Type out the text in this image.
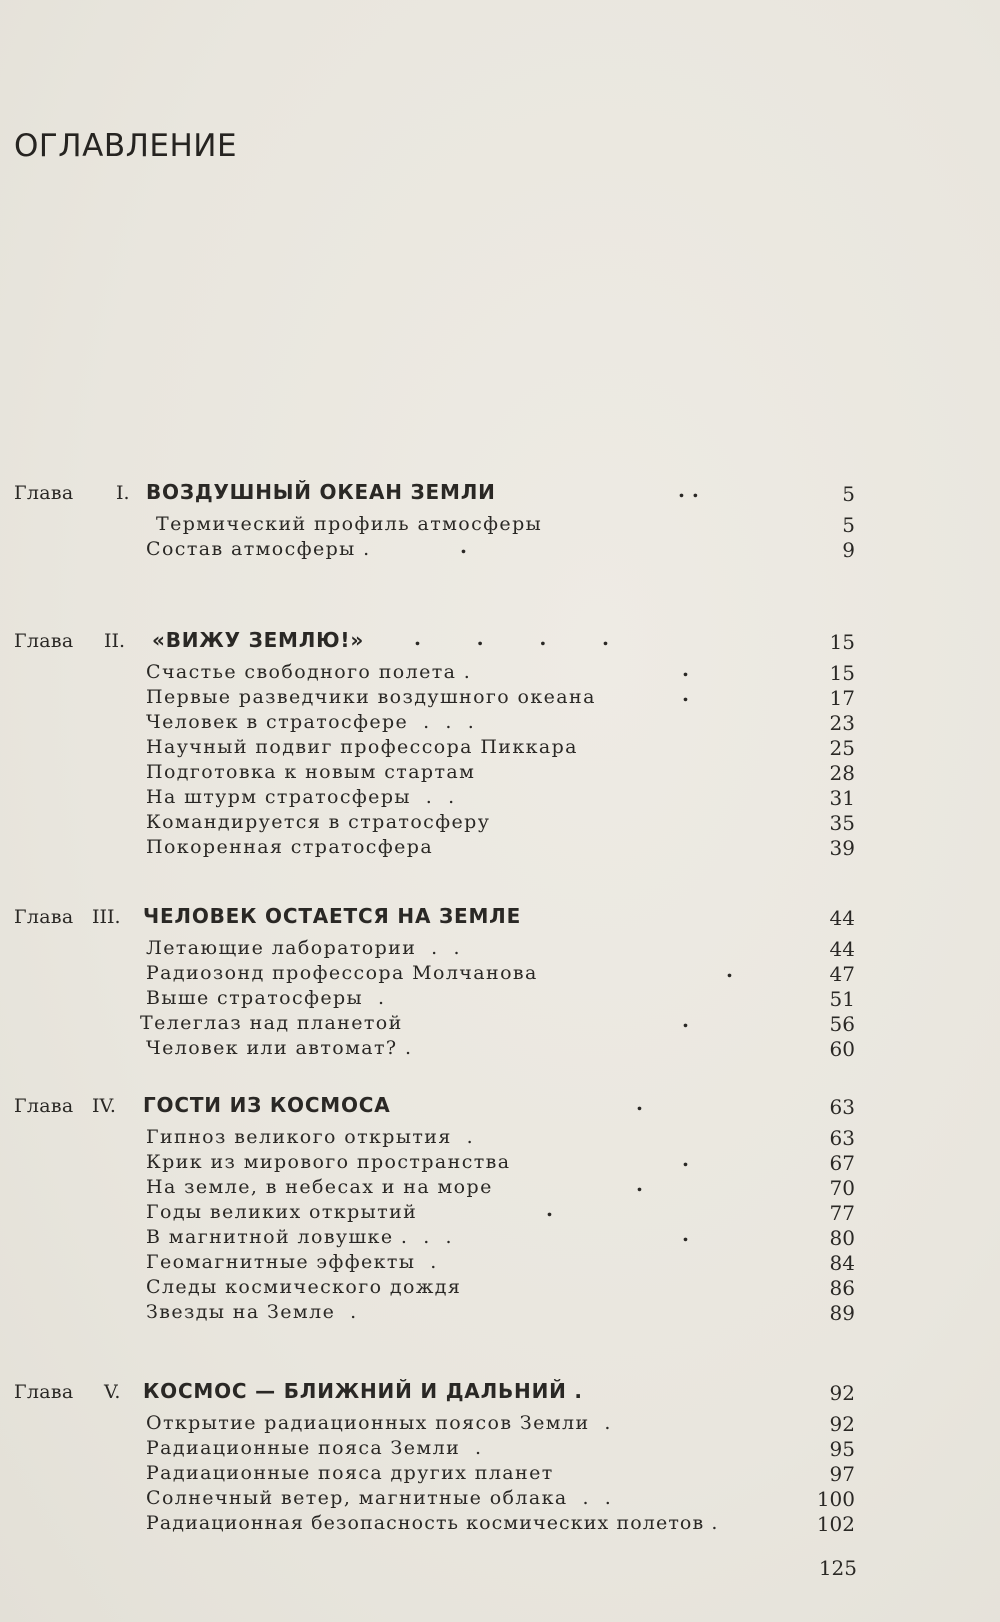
ОГЛАВЛЕНИЕ
Глава I. ВОЗДУШНЫЙ ОКЕАН ЗЕМЛИ	. .	5
Термический профиль атмосферы	5
Состав атмосферы .	.	9
Глава II. «ВИЖУ ЗЕМЛЮ!» .        .        .        .	15
Счастье свободного полета .	.	15
Первые разведчики воздушного океана	.	17
Человек в стратосфере  .  .  .	23
Научный подвиг профессора Пиккара	25
Подготовка к новым стартам	28
На штурм стратосферы  .  .	31
Командируется в стратосферу	35
Покоренная стратосфера	39
Глава III. ЧЕЛОВЕК ОСТАЕТСЯ НА ЗЕМЛЕ	44
Летающие лаборатории  .  .	44
Радиозонд профессора Молчанова	.	47
Выше стратосферы  .	51
Телеглаз над планетой	.	56
Человек или автомат? .	60
Глава IV. ГОСТИ ИЗ КОСМОСА	.	63
Гипноз великого открытия  .	63
Крик из мирового пространства	.	67
На земле, в небесах и на море	.	70
Годы великих открытий	.	77
В магнитной ловушке .  .  .	.	80
Геомагнитные эффекты  .	84
Следы космического дождя	86
Звезды на Земле  .	89
Глава V. КОСМОС — БЛИЖНИЙ И ДАЛЬНИЙ .	92
Открытие радиационных поясов Земли  .	92
Радиационные пояса Земли  .	95
Радиационные пояса других планет	97
Солнечный ветер, магнитные облака  .  .	100
Радиационная безопасность космических полетов .	102
125
